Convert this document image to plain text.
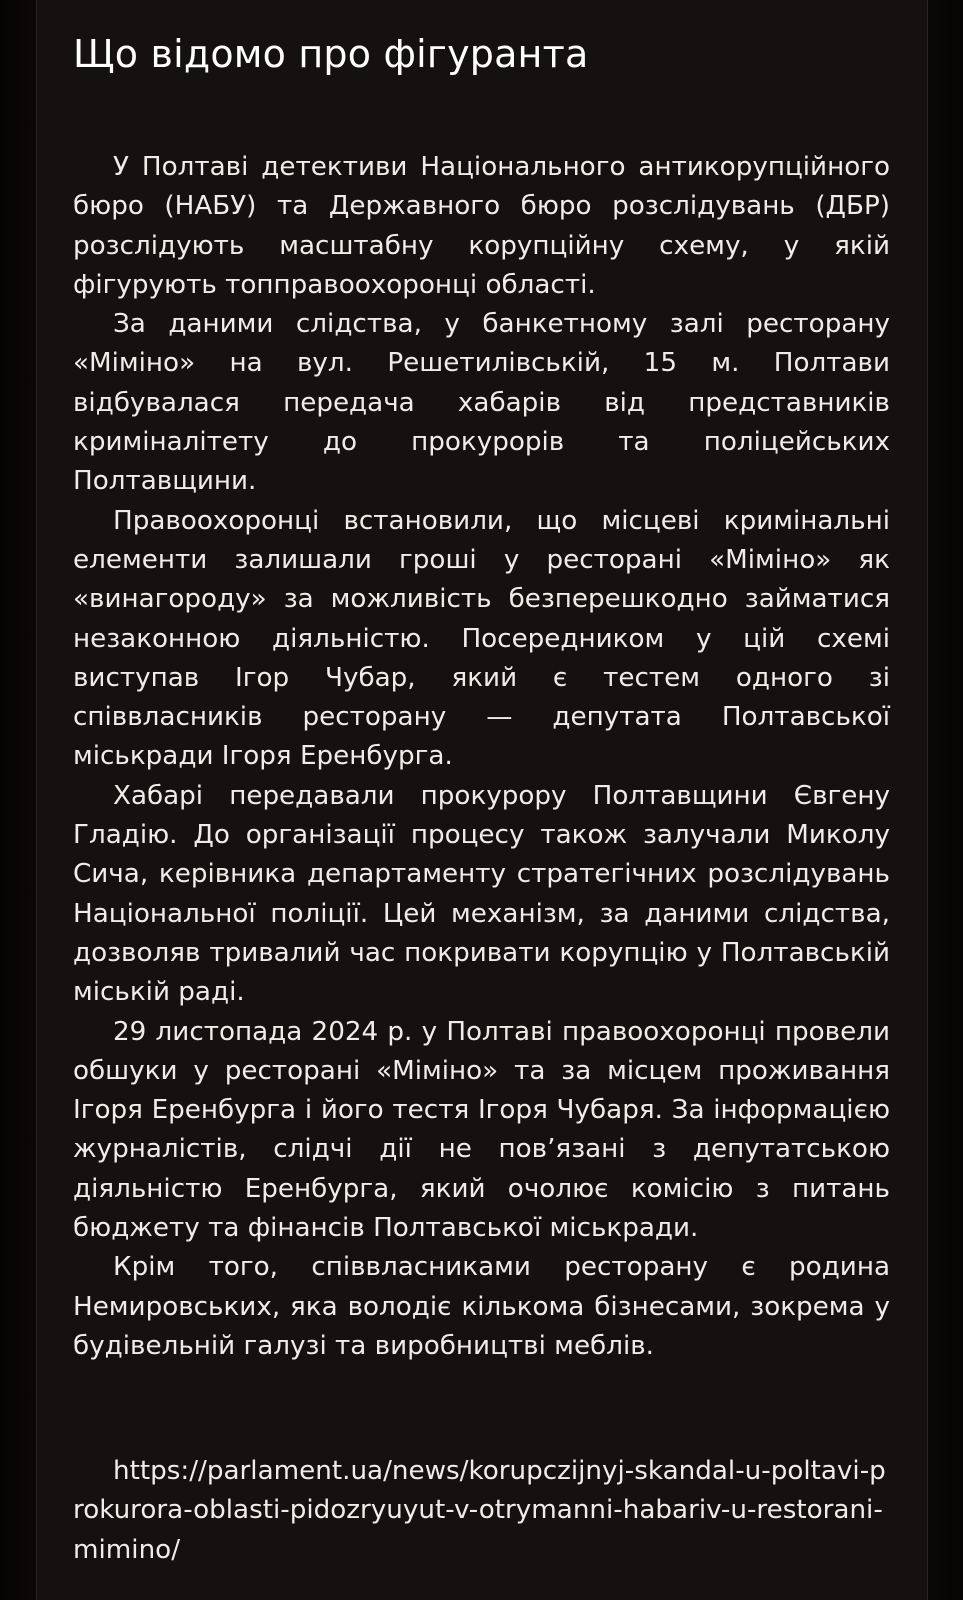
Що відомо про фігуранта

У Полтаві детективи Національного антикорупційного бюро (НАБУ) та Державного бюро розслідувань (ДБР) розслідують масштабну корупційну схему, у якій фігурують топправоохоронці області.

За даними слідства, у банкетному залі ресторану «Міміно» на вул. Решетилівській, 15 м. Полтави відбувалася передача хабарів від представників криміналітету до прокурорів та поліцейських Полтавщини.

Правоохоронці встановили, що місцеві кримінальні елементи залишали гроші у ресторані «Міміно» як «винагороду» за можливість безперешкодно займатися незаконною діяльністю. Посередником у цій схемі виступав Ігор Чубар, який є тестем одного зі співвласників ресторану — депутата Полтавської міськради Ігоря Еренбурга.

Хабарі передавали прокурору Полтавщини Євгену Гладію. До організації процесу також залучали Миколу Сича, керівника департаменту стратегічних розслідувань Національної поліції. Цей механізм, за даними слідства, дозволяв тривалий час покривати корупцію у Полтавській міській раді.

29 листопада 2024 р. у Полтаві правоохоронці провели обшуки у ресторані «Міміно» та за місцем проживання Ігоря Еренбурга і його тестя Ігоря Чубаря. За інформацією журналістів, слідчі дії не пов’язані з депутатською діяльністю Еренбурга, який очолює комісію з питань бюджету та фінансів Полтавської міськради.

Крім того, співвласниками ресторану є родина Немировських, яка володіє кількома бізнесами, зокрема у будівельній галузі та виробництві меблів.

https://parlament.ua/news/korupczijnyj-skandal-u-poltavi-prokurora-oblasti-pidozryuyut-v-otrymanni-habariv-u-restorani-mimino/
